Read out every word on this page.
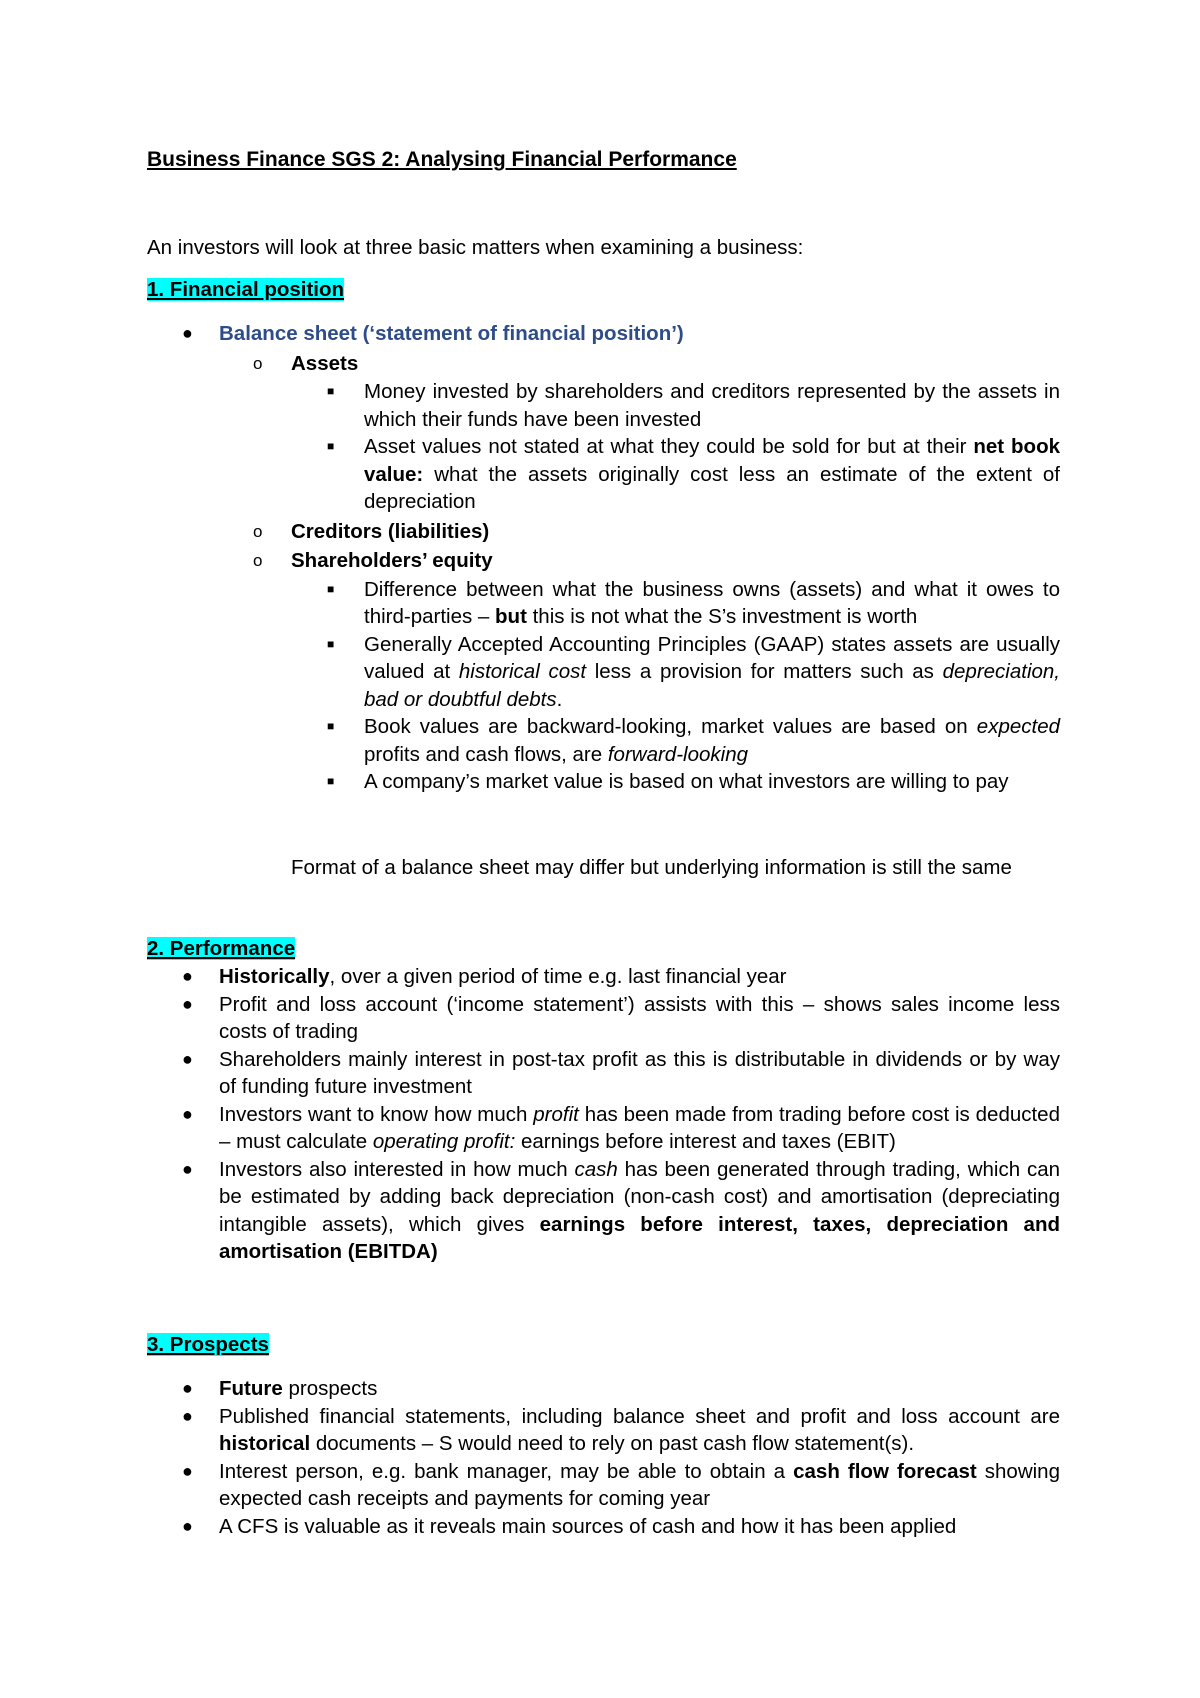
Business Finance SGS 2: Analysing Financial Performance
An investors will look at three basic matters when examining a business:
1. Financial position
● Balance sheet (‘statement of financial position’)
o Assets
■ Money invested by shareholders and creditors represented by the assets in which their funds have been invested
■ Asset values not stated at what they could be sold for but at their net book value: what the assets originally cost less an estimate of the extent of depreciation
o Creditors (liabilities)
o Shareholders’ equity
■ Difference between what the business owns (assets) and what it owes to third-parties – but this is not what the S’s investment is worth
■ Generally Accepted Accounting Principles (GAAP) states assets are usually valued at historical cost less a provision for matters such as depreciation, bad or doubtful debts.
■ Book values are backward-looking, market values are based on expected profits and cash flows, are forward-looking
■ A company’s market value is based on what investors are willing to pay
Format of a balance sheet may differ but underlying information is still the same
2. Performance
● Historically, over a given period of time e.g. last financial year
● Profit and loss account (‘income statement’) assists with this – shows sales income less costs of trading
● Shareholders mainly interest in post-tax profit as this is distributable in dividends or by way of funding future investment
● Investors want to know how much profit has been made from trading before cost is deducted – must calculate operating profit: earnings before interest and taxes (EBIT)
● Investors also interested in how much cash has been generated through trading, which can be estimated by adding back depreciation (non-cash cost) and amortisation (depreciating intangible assets), which gives earnings before interest, taxes, depreciation and amortisation (EBITDA)
3. Prospects
● Future prospects
● Published financial statements, including balance sheet and profit and loss account are historical documents – S would need to rely on past cash flow statement(s).
● Interest person, e.g. bank manager, may be able to obtain a cash flow forecast showing expected cash receipts and payments for coming year
● A CFS is valuable as it reveals main sources of cash and how it has been applied
